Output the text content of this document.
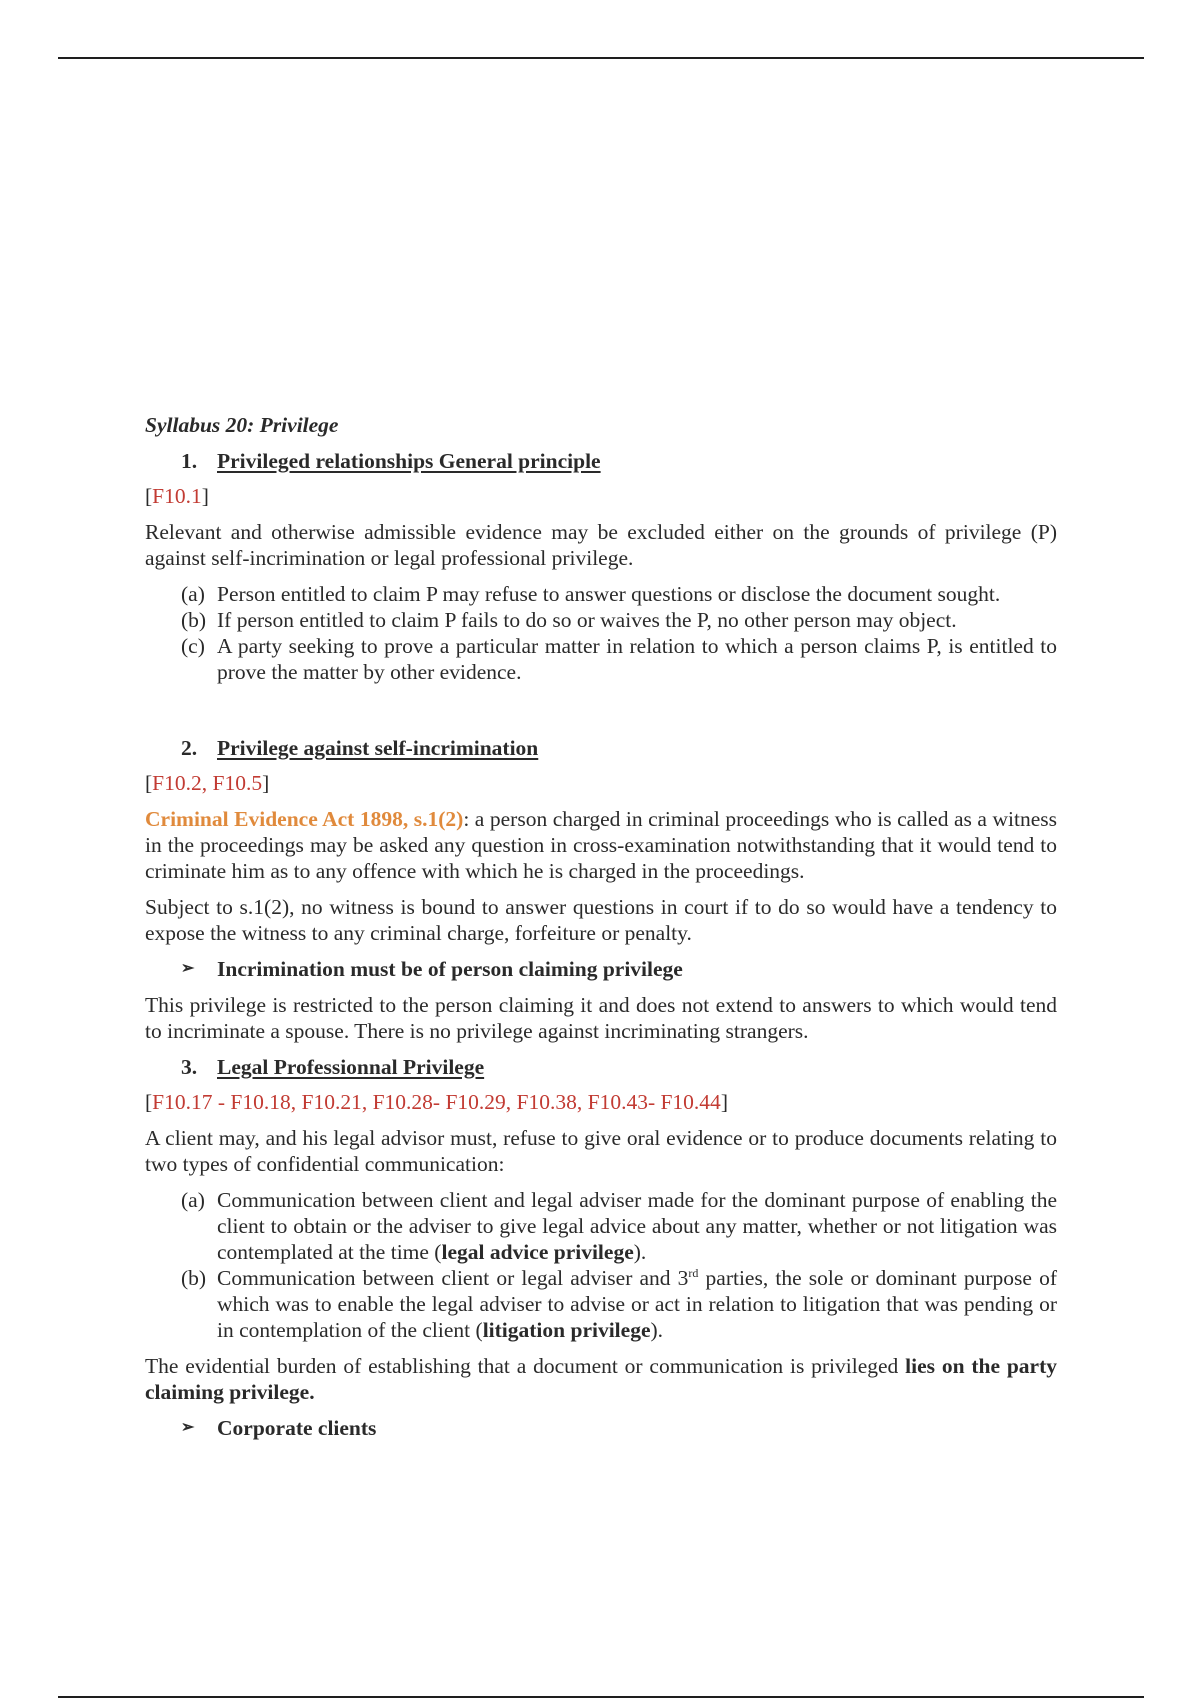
Syllabus 20: Privilege
1. Privileged relationships General principle
[F10.1]
Relevant and otherwise admissible evidence may be excluded either on the grounds of privilege (P) against self-incrimination or legal professional privilege.
(a) Person entitled to claim P may refuse to answer questions or disclose the document sought.
(b) If person entitled to claim P fails to do so or waives the P, no other person may object.
(c) A party seeking to prove a particular matter in relation to which a person claims P, is entitled to prove the matter by other evidence.
2. Privilege against self-incrimination
[F10.2, F10.5]
Criminal Evidence Act 1898, s.1(2): a person charged in criminal proceedings who is called as a witness in the proceedings may be asked any question in cross-examination notwithstanding that it would tend to criminate him as to any offence with which he is charged in the proceedings.
Subject to s.1(2), no witness is bound to answer questions in court if to do so would have a tendency to expose the witness to any criminal charge, forfeiture or penalty.
➢	Incrimination must be of person claiming privilege
This privilege is restricted to the person claiming it and does not extend to answers to which would tend to incriminate a spouse. There is no privilege against incriminating strangers.
3. Legal Professionnal Privilege
[F10.17 - F10.18, F10.21, F10.28- F10.29, F10.38, F10.43- F10.44]
A client may, and his legal advisor must, refuse to give oral evidence or to produce documents relating to two types of confidential communication:
(a) Communication between client and legal adviser made for the dominant purpose of enabling the client to obtain or the adviser to give legal advice about any matter, whether or not litigation was contemplated at the time (legal advice privilege).
(b) Communication between client or legal adviser and 3rd parties, the sole or dominant purpose of which was to enable the legal adviser to advise or act in relation to litigation that was pending or in contemplation of the client (litigation privilege).
The evidential burden of establishing that a document or communication is privileged lies on the party claiming privilege.
➢	Corporate clients
